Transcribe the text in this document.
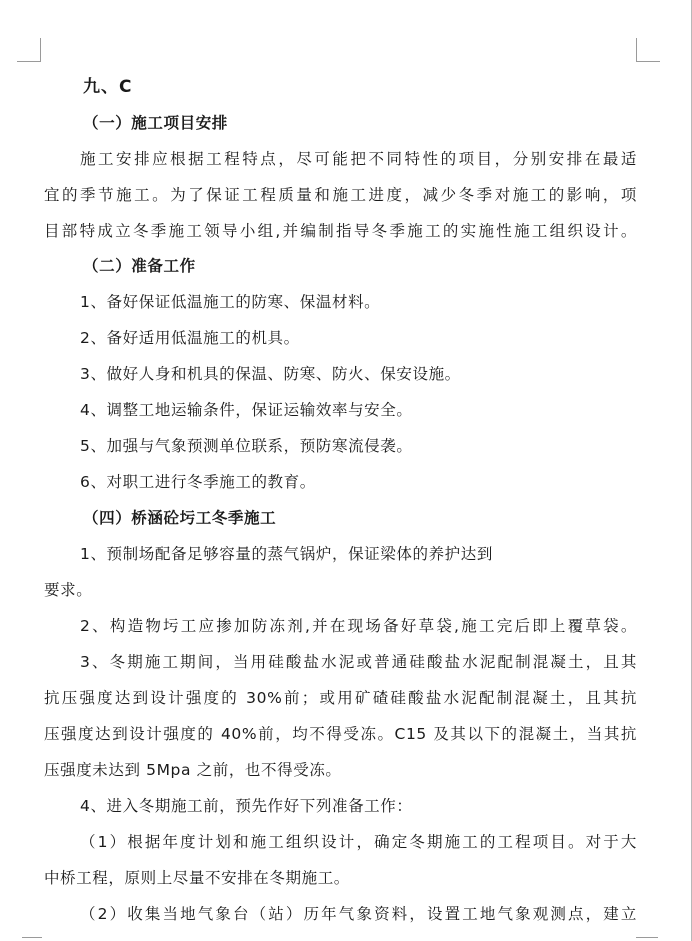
九、C
（一）施工项目安排
施工安排应根据工程特点，尽可能把不同特性的项目，分别安排在最适
宜的季节施工。为了保证工程质量和施工进度，减少冬季对施工的影响，项
目部特成立冬季施工领导小组,并编制指导冬季施工的实施性施工组织设计。
（二）准备工作
1、备好保证低温施工的防寒、保温材料。
2、备好适用低温施工的机具。
3、做好人身和机具的保温、防寒、防火、保安设施。
4、调整工地运输条件，保证运输效率与安全。
5、加强与气象预测单位联系，预防寒流侵袭。
6、对职工进行冬季施工的教育。
（四）桥涵砼圬工冬季施工
1、预制场配备足够容量的蒸气锅炉，保证梁体的养护达到
要求。
2、构造物圬工应掺加防冻剂,并在现场备好草袋,施工完后即上覆草袋。
3、冬期施工期间，当用硅酸盐水泥或普通硅酸盐水泥配制混凝土，且其
抗压强度达到设计强度的 30%前；或用矿碴硅酸盐水泥配制混凝土，且其抗
压强度达到设计强度的 40%前，均不得受冻。C15 及其以下的混凝土，当其抗
压强度未达到 5Mpa 之前，也不得受冻。
4、进入冬期施工前，预先作好下列准备工作：
（1）根据年度计划和施工组织设计，确定冬期施工的工程项目。对于大
中桥工程，原则上尽量不安排在冬期施工。
（2）收集当地气象台（站）历年气象资料，设置工地气象观测点，建立
